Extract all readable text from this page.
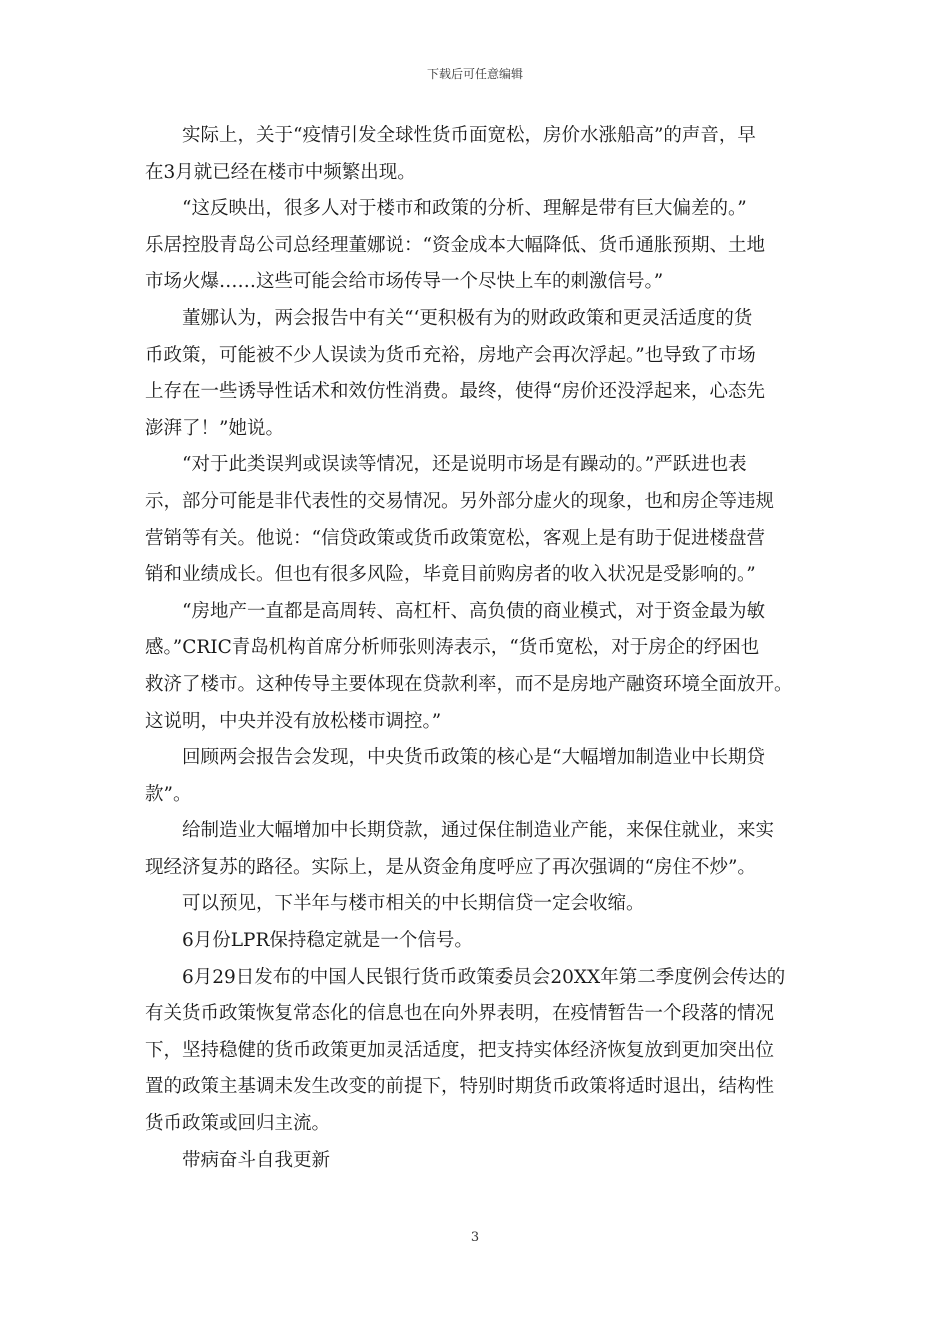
下载后可任意编辑
　　实际上，关于“疫情引发全球性货币面宽松，房价水涨船高”的声音，早
在3月就已经在楼市中频繁出现。
　　“这反映出，很多人对于楼市和政策的分析、理解是带有巨大偏差的。”
乐居控股青岛公司总经理董娜说：“资金成本大幅降低、货币通胀预期、土地
市场火爆……这些可能会给市场传导一个尽快上车的刺激信号。”
　　董娜认为，两会报告中有关“‘更积极有为的财政政策和更灵活适度的货
币政策，可能被不少人误读为货币充裕，房地产会再次浮起。”也导致了市场
上存在一些诱导性话术和效仿性消费。最终，使得“房价还没浮起来，心态先
澎湃了！”她说。
　　“对于此类误判或误读等情况，还是说明市场是有躁动的。”严跃进也表
示，部分可能是非代表性的交易情况。另外部分虚火的现象，也和房企等违规
营销等有关。他说：“信贷政策或货币政策宽松，客观上是有助于促进楼盘营
销和业绩成长。但也有很多风险，毕竟目前购房者的收入状况是受影响的。”
　　“房地产一直都是高周转、高杠杆、高负债的商业模式，对于资金最为敏
感。”CRIC青岛机构首席分析师张则涛表示，“货币宽松，对于房企的纾困也
救济了楼市。这种传导主要体现在贷款利率，而不是房地产融资环境全面放开。
这说明，中央并没有放松楼市调控。”
　　回顾两会报告会发现，中央货币政策的核心是“大幅增加制造业中长期贷
款”。
　　给制造业大幅增加中长期贷款，通过保住制造业产能，来保住就业，来实
现经济复苏的路径。实际上，是从资金角度呼应了再次强调的“房住不炒”。
　　可以预见，下半年与楼市相关的中长期信贷一定会收缩。
　　6月份LPR保持稳定就是一个信号。
　　6月29日发布的中国人民银行货币政策委员会20XX年第二季度例会传达的
有关货币政策恢复常态化的信息也在向外界表明，在疫情暂告一个段落的情况
下，坚持稳健的货币政策更加灵活适度，把支持实体经济恢复放到更加突出位
置的政策主基调未发生改变的前提下，特别时期货币政策将适时退出，结构性
货币政策或回归主流。
　　带病奋斗自我更新
3
